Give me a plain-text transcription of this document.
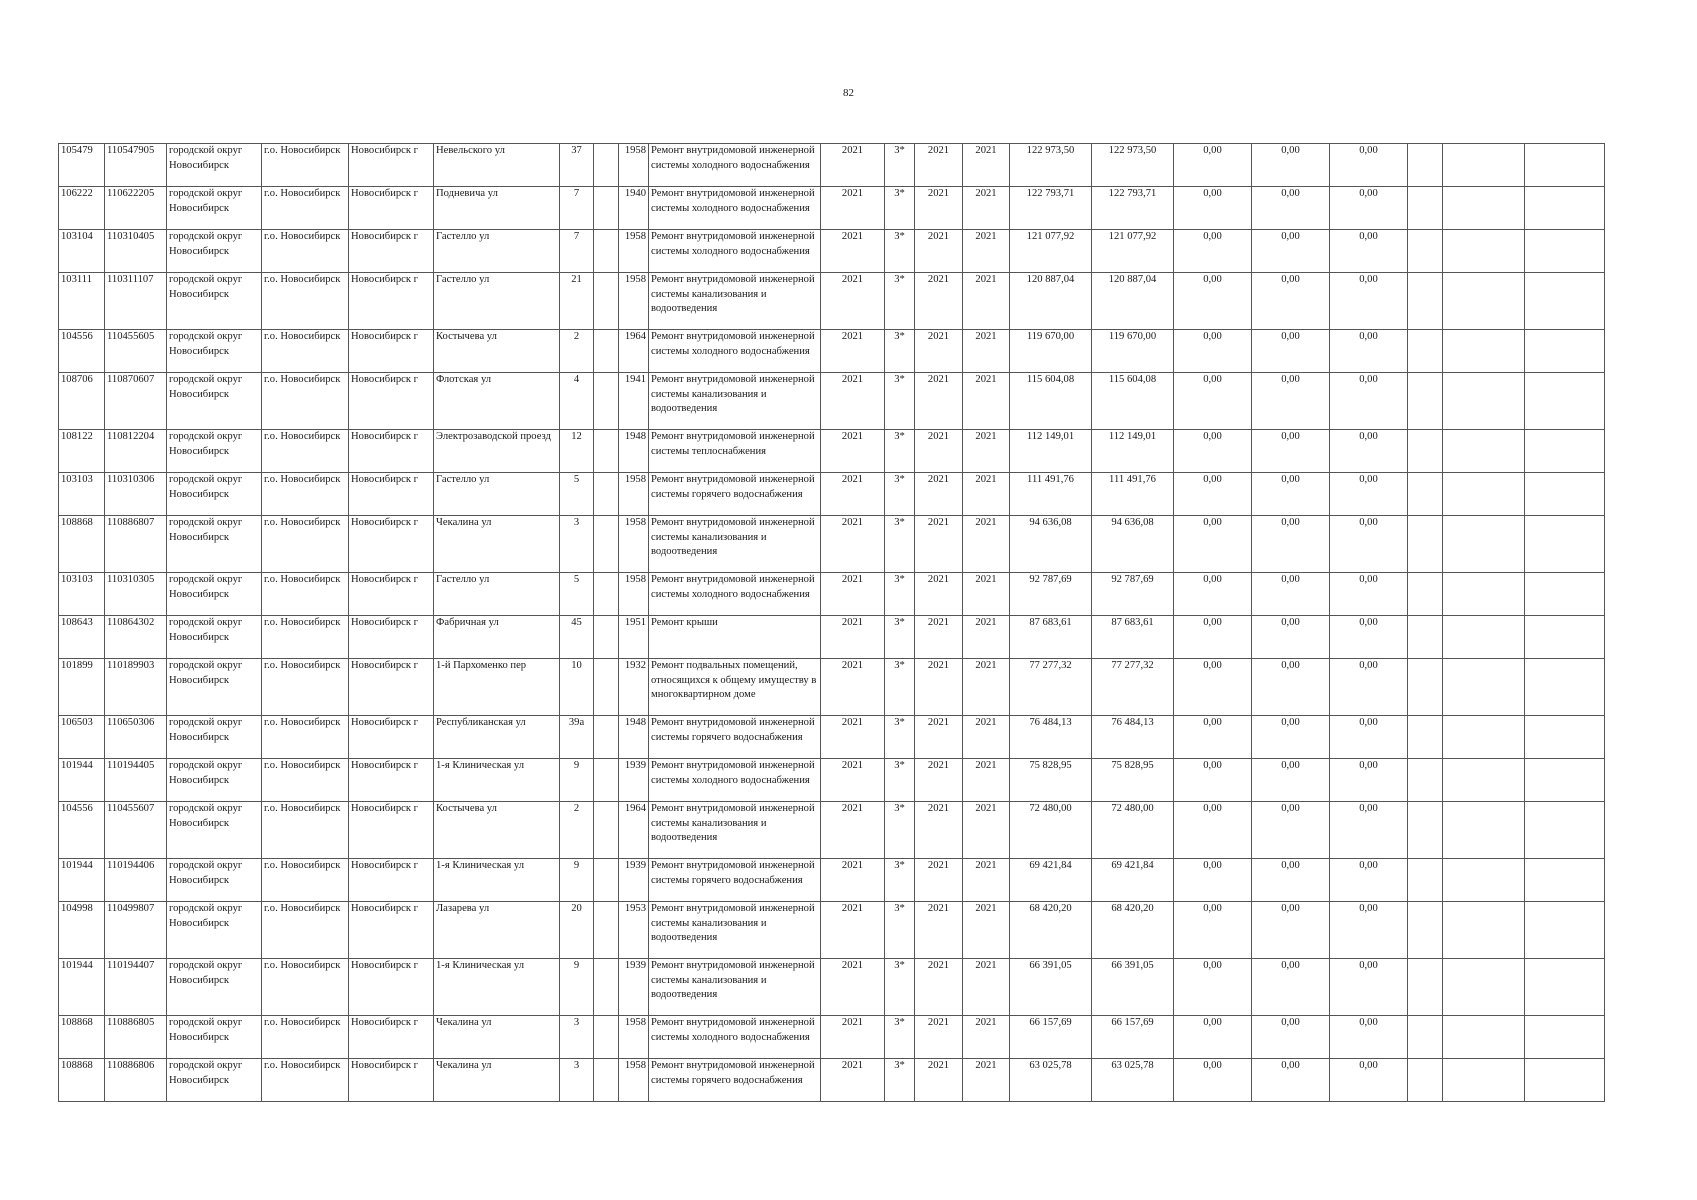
82
105479	110547905	городской округ Новосибирск	г.о. Новосибирск	Новосибирск г	Невельского ул	37		1958	Ремонт внутридомовой инженерной системы холодного водоснабжения	2021	3*	2021	2021	122 973,50	122 973,50	0,00	0,00	0,00			
106222	110622205	городской округ Новосибирск	г.о. Новосибирск	Новосибирск г	Подневича ул	7		1940	Ремонт внутридомовой инженерной системы холодного водоснабжения	2021	3*	2021	2021	122 793,71	122 793,71	0,00	0,00	0,00			
103104	110310405	городской округ Новосибирск	г.о. Новосибирск	Новосибирск г	Гастелло ул	7		1958	Ремонт внутридомовой инженерной системы холодного водоснабжения	2021	3*	2021	2021	121 077,92	121 077,92	0,00	0,00	0,00			
103111	110311107	городской округ Новосибирск	г.о. Новосибирск	Новосибирск г	Гастелло ул	21		1958	Ремонт внутридомовой инженерной системы канализования и водоотведения	2021	3*	2021	2021	120 887,04	120 887,04	0,00	0,00	0,00			
104556	110455605	городской округ Новосибирск	г.о. Новосибирск	Новосибирск г	Костычева ул	2		1964	Ремонт внутридомовой инженерной системы холодного водоснабжения	2021	3*	2021	2021	119 670,00	119 670,00	0,00	0,00	0,00			
108706	110870607	городской округ Новосибирск	г.о. Новосибирск	Новосибирск г	Флотская ул	4		1941	Ремонт внутридомовой инженерной системы канализования и водоотведения	2021	3*	2021	2021	115 604,08	115 604,08	0,00	0,00	0,00			
108122	110812204	городской округ Новосибирск	г.о. Новосибирск	Новосибирск г	Электрозаводской проезд	12		1948	Ремонт внутридомовой инженерной системы теплоснабжения	2021	3*	2021	2021	112 149,01	112 149,01	0,00	0,00	0,00			
103103	110310306	городской округ Новосибирск	г.о. Новосибирск	Новосибирск г	Гастелло ул	5		1958	Ремонт внутридомовой инженерной системы горячего водоснабжения	2021	3*	2021	2021	111 491,76	111 491,76	0,00	0,00	0,00			
108868	110886807	городской округ Новосибирск	г.о. Новосибирск	Новосибирск г	Чекалина ул	3		1958	Ремонт внутридомовой инженерной системы канализования и водоотведения	2021	3*	2021	2021	94 636,08	94 636,08	0,00	0,00	0,00			
103103	110310305	городской округ Новосибирск	г.о. Новосибирск	Новосибирск г	Гастелло ул	5		1958	Ремонт внутридомовой инженерной системы холодного водоснабжения	2021	3*	2021	2021	92 787,69	92 787,69	0,00	0,00	0,00			
108643	110864302	городской округ Новосибирск	г.о. Новосибирск	Новосибирск г	Фабричная ул	45		1951	Ремонт крыши	2021	3*	2021	2021	87 683,61	87 683,61	0,00	0,00	0,00			
101899	110189903	городской округ Новосибирск	г.о. Новосибирск	Новосибирск г	1-й Пархоменко пер	10		1932	Ремонт подвальных помещений, относящихся к общему имуществу в многоквартирном доме	2021	3*	2021	2021	77 277,32	77 277,32	0,00	0,00	0,00			
106503	110650306	городской округ Новосибирск	г.о. Новосибирск	Новосибирск г	Республиканская ул	39а		1948	Ремонт внутридомовой инженерной системы горячего водоснабжения	2021	3*	2021	2021	76 484,13	76 484,13	0,00	0,00	0,00			
101944	110194405	городской округ Новосибирск	г.о. Новосибирск	Новосибирск г	1-я Клиническая ул	9		1939	Ремонт внутридомовой инженерной системы холодного водоснабжения	2021	3*	2021	2021	75 828,95	75 828,95	0,00	0,00	0,00			
104556	110455607	городской округ Новосибирск	г.о. Новосибирск	Новосибирск г	Костычева ул	2		1964	Ремонт внутридомовой инженерной системы канализования и водоотведения	2021	3*	2021	2021	72 480,00	72 480,00	0,00	0,00	0,00			
101944	110194406	городской округ Новосибирск	г.о. Новосибирск	Новосибирск г	1-я Клиническая ул	9		1939	Ремонт внутридомовой инженерной системы горячего водоснабжения	2021	3*	2021	2021	69 421,84	69 421,84	0,00	0,00	0,00			
104998	110499807	городской округ Новосибирск	г.о. Новосибирск	Новосибирск г	Лазарева ул	20		1953	Ремонт внутридомовой инженерной системы канализования и водоотведения	2021	3*	2021	2021	68 420,20	68 420,20	0,00	0,00	0,00			
101944	110194407	городской округ Новосибирск	г.о. Новосибирск	Новосибирск г	1-я Клиническая ул	9		1939	Ремонт внутридомовой инженерной системы канализования и водоотведения	2021	3*	2021	2021	66 391,05	66 391,05	0,00	0,00	0,00			
108868	110886805	городской округ Новосибирск	г.о. Новосибирск	Новосибирск г	Чекалина ул	3		1958	Ремонт внутридомовой инженерной системы холодного водоснабжения	2021	3*	2021	2021	66 157,69	66 157,69	0,00	0,00	0,00			
108868	110886806	городской округ Новосибирск	г.о. Новосибирск	Новосибирск г	Чекалина ул	3		1958	Ремонт внутридомовой инженерной системы горячего водоснабжения	2021	3*	2021	2021	63 025,78	63 025,78	0,00	0,00	0,00			
